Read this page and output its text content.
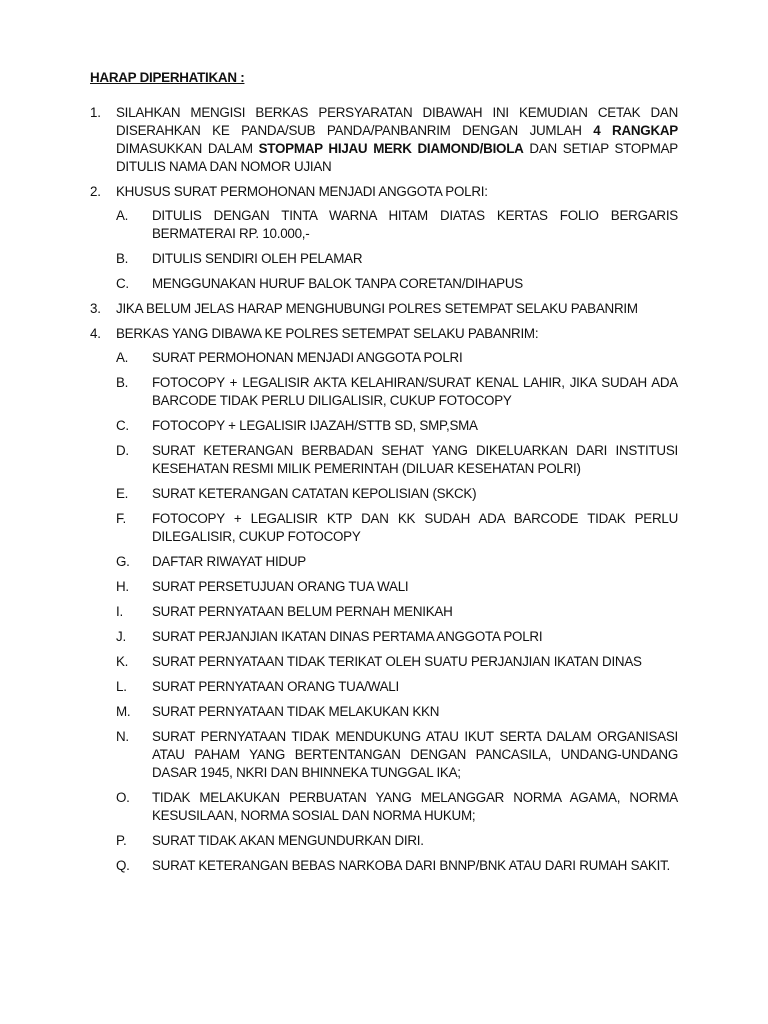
HARAP DIPERHATIKAN :
1. SILAHKAN MENGISI BERKAS PERSYARATAN DIBAWAH INI KEMUDIAN CETAK DAN DISERAHKAN KE PANDA/SUB PANDA/PANBANRIM DENGAN JUMLAH 4 RANGKAP DIMASUKKAN DALAM STOPMAP HIJAU MERK DIAMOND/BIOLA DAN SETIAP STOPMAP DITULIS NAMA DAN NOMOR UJIAN
2. KHUSUS SURAT PERMOHONAN MENJADI ANGGOTA POLRI:
A. DITULIS DENGAN TINTA WARNA HITAM DIATAS KERTAS FOLIO BERGARIS BERMATERAI RP. 10.000,-
B. DITULIS SENDIRI OLEH PELAMAR
C. MENGGUNAKAN HURUF BALOK TANPA CORETAN/DIHAPUS
3. JIKA BELUM JELAS HARAP MENGHUBUNGI POLRES SETEMPAT SELAKU PABANRIM
4. BERKAS YANG DIBAWA KE POLRES SETEMPAT SELAKU PABANRIM:
A. SURAT PERMOHONAN MENJADI ANGGOTA POLRI
B. FOTOCOPY + LEGALISIR AKTA KELAHIRAN/SURAT KENAL LAHIR, JIKA SUDAH ADA BARCODE TIDAK PERLU DILIGALISIR, CUKUP FOTOCOPY
C. FOTOCOPY + LEGALISIR IJAZAH/STTB SD, SMP,SMA
D. SURAT KETERANGAN BERBADAN SEHAT YANG DIKELUARKAN DARI INSTITUSI KESEHATAN RESMI MILIK PEMERINTAH (DILUAR KESEHATAN POLRI)
E. SURAT KETERANGAN CATATAN KEPOLISIAN (SKCK)
F. FOTOCOPY + LEGALISIR KTP DAN KK SUDAH ADA BARCODE TIDAK PERLU DILEGALISIR, CUKUP FOTOCOPY
G. DAFTAR RIWAYAT HIDUP
H. SURAT PERSETUJUAN ORANG TUA WALI
I. SURAT PERNYATAAN BELUM PERNAH MENIKAH
J. SURAT PERJANJIAN IKATAN DINAS PERTAMA ANGGOTA POLRI
K. SURAT PERNYATAAN TIDAK TERIKAT OLEH SUATU PERJANJIAN IKATAN DINAS
L. SURAT PERNYATAAN ORANG TUA/WALI
M. SURAT PERNYATAAN TIDAK MELAKUKAN KKN
N. SURAT PERNYATAAN TIDAK MENDUKUNG ATAU IKUT SERTA DALAM ORGANISASI ATAU PAHAM YANG BERTENTANGAN DENGAN PANCASILA, UNDANG-UNDANG DASAR 1945, NKRI DAN BHINNEKA TUNGGAL IKA;
O. TIDAK MELAKUKAN PERBUATAN YANG MELANGGAR NORMA AGAMA, NORMA KESUSILAAN, NORMA SOSIAL DAN NORMA HUKUM;
P. SURAT TIDAK AKAN MENGUNDURKAN DIRI.
Q. SURAT KETERANGAN BEBAS NARKOBA DARI BNNP/BNK ATAU DARI RUMAH SAKIT.
